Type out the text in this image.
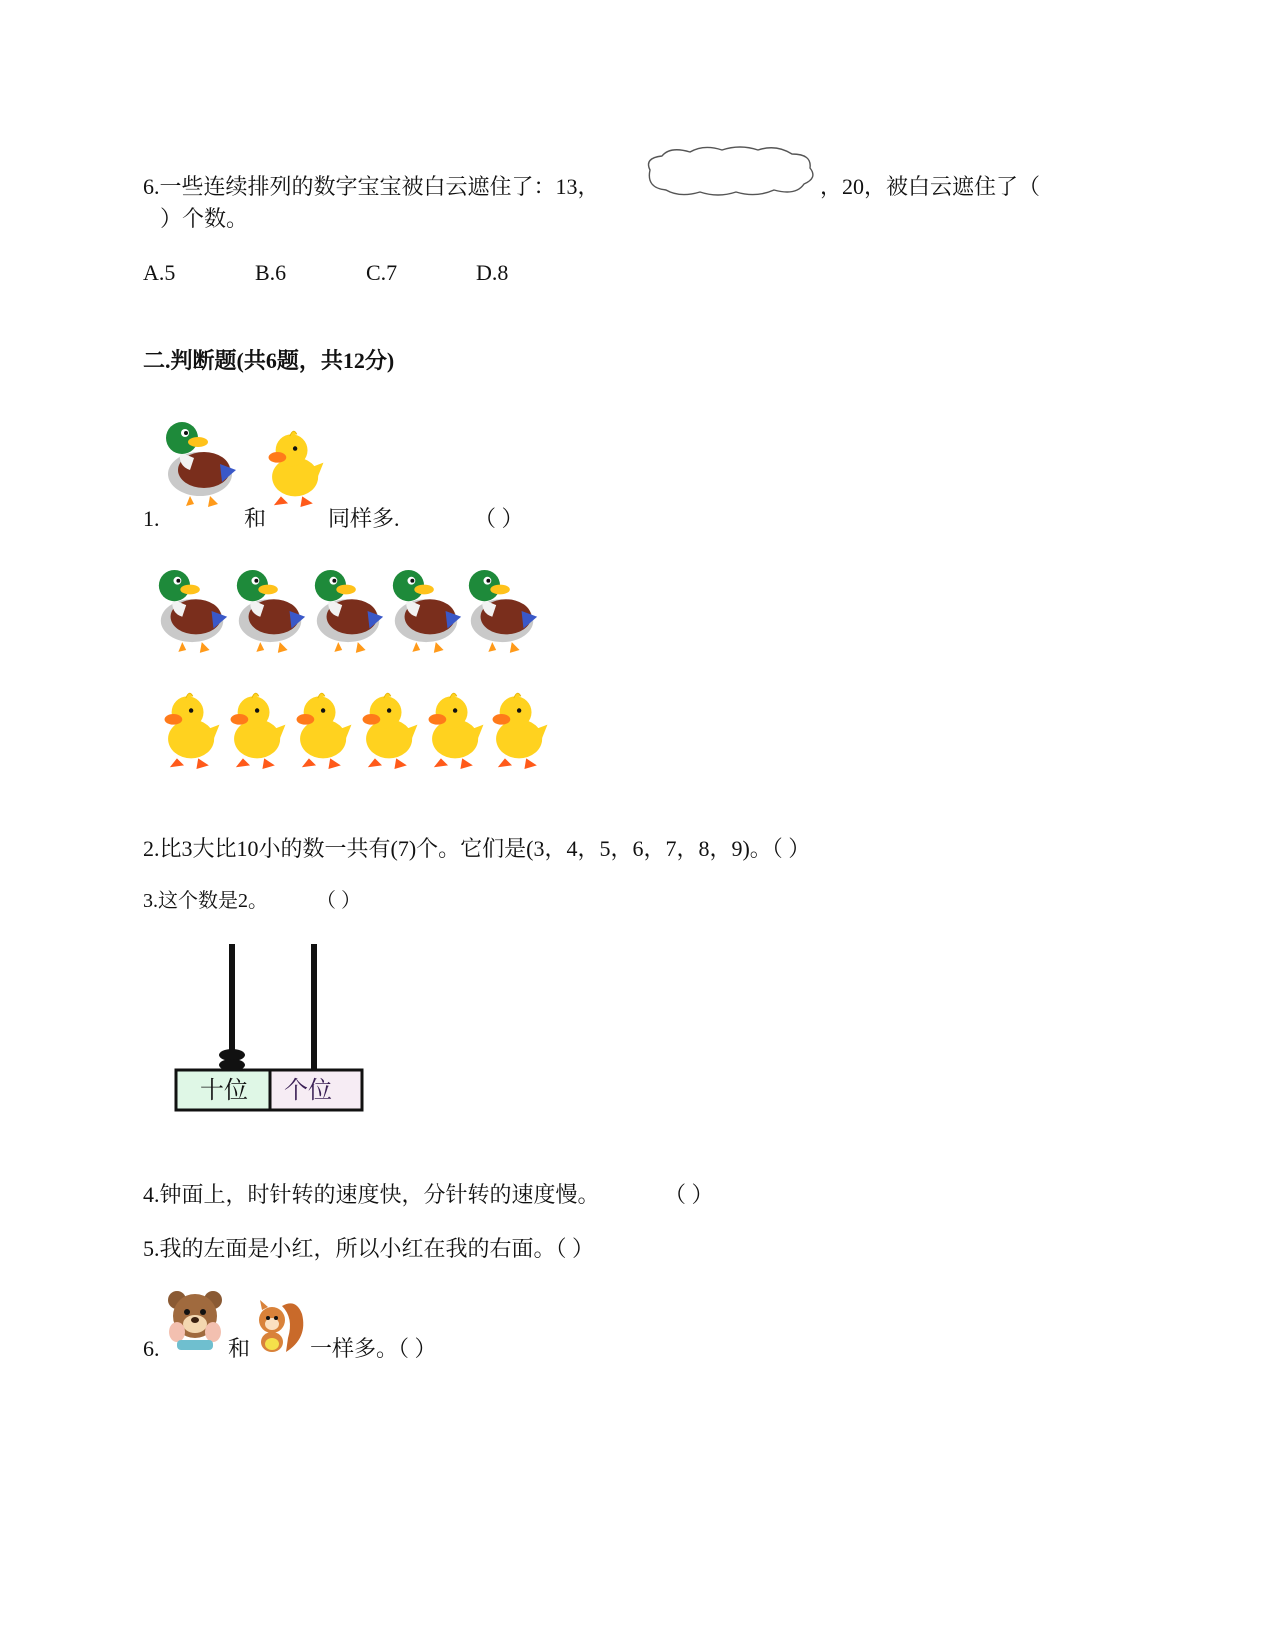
6.一些连续排列的数字宝宝被白云遮住了：13，	，20，被白云遮住了（
）个数。
A.5	B.6	C.7	D.8
二.判断题(共6题，共12分)
1.	和	同样多.	（ ）
2.比3大比10小的数一共有(7)个。它们是(3，4，5，6，7，8，9)。（ ）
3.这个数是2。 （ ）
十位 个位
4.钟面上，时针转的速度快，分针转的速度慢。	（ ）
5.我的左面是小红，所以小红在我的右面。（ ）
6.	和	一样多。（ ）
